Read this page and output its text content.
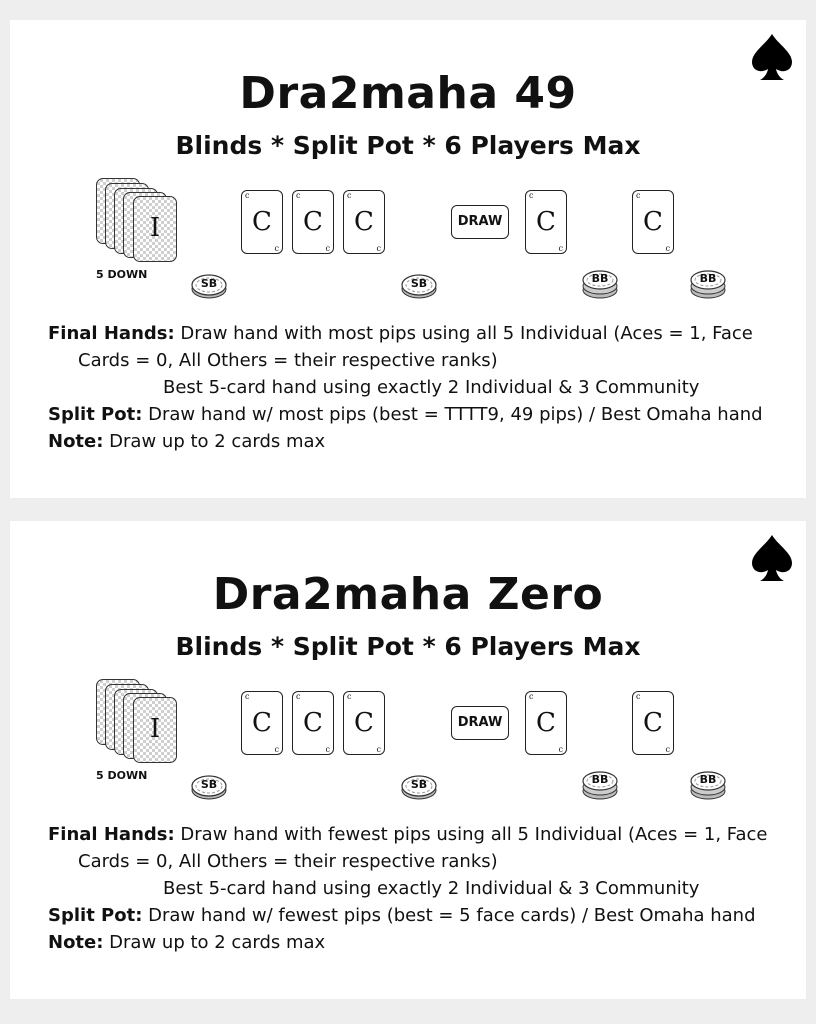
Dra2maha 49
Blinds * Split Pot * 6 Players Max
I
5 DOWN
c
C
c
c
C
c
c
C
c
DRAW
c
C
c
c
C
c
SB	SB	BB	BB
Final Hands: Draw hand with most pips using all 5 Individual (Aces = 1, Face
Cards = 0, All Others = their respective ranks)
Best 5-card hand using exactly 2 Individual & 3 Community
Split Pot: Draw hand w/ most pips (best = TTTT9, 49 pips) / Best Omaha hand
Note: Draw up to 2 cards max
Dra2maha Zero
Blinds * Split Pot * 6 Players Max
I
5 DOWN
c
C
c
c
C
c
c
C
c
DRAW
c
C
c
c
C
c
SB	SB	BB	BB
Final Hands: Draw hand with fewest pips using all 5 Individual (Aces = 1, Face
Cards = 0, All Others = their respective ranks)
Best 5-card hand using exactly 2 Individual & 3 Community
Split Pot: Draw hand w/ fewest pips (best = 5 face cards) / Best Omaha hand
Note: Draw up to 2 cards max
